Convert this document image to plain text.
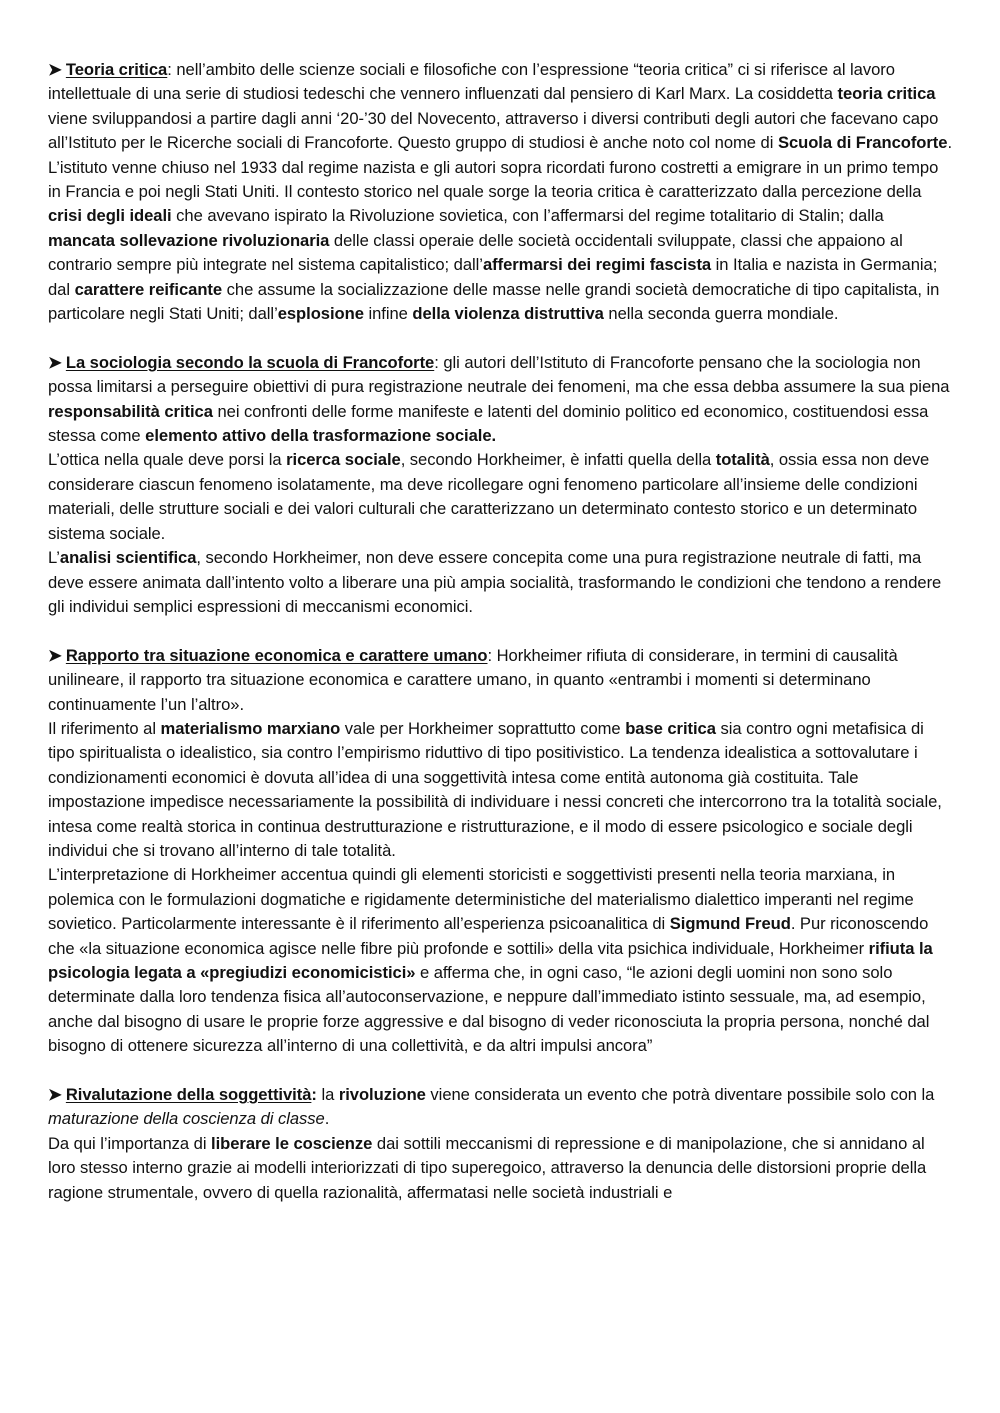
➤ Teoria critica: nell’ambito delle scienze sociali e filosofiche con l’espressione “teoria critica” ci si riferisce al lavoro intellettuale di una serie di studiosi tedeschi che vennero influenzati dal pensiero di Karl Marx. La cosiddetta teoria critica viene sviluppandosi a partire dagli anni ‘20-’30 del Novecento, attraverso i diversi contributi degli autori che facevano capo all’Istituto per le Ricerche sociali di Francoforte. Questo gruppo di studiosi è anche noto col nome di Scuola di Francoforte.

L’istituto venne chiuso nel 1933 dal regime nazista e gli autori sopra ricordati furono costretti a emigrare in un primo tempo in Francia e poi negli Stati Uniti. Il contesto storico nel quale sorge la teoria critica è caratterizzato dalla percezione della crisi degli ideali che avevano ispirato la Rivoluzione sovietica, con l’affermarsi del regime totalitario di Stalin; dalla mancata sollevazione rivoluzionaria delle classi operaie delle società occidentali sviluppate, classi che appaiono al contrario sempre più integrate nel sistema capitalistico; dall’affermarsi dei regimi fascista in Italia e nazista in Germania; dal carattere reificante che assume la socializzazione delle masse nelle grandi società democratiche di tipo capitalista, in particolare negli Stati Uniti; dall’esplosione infine della violenza distruttiva nella seconda guerra mondiale.

➤ La sociologia secondo la scuola di Francoforte: gli autori dell’Istituto di Francoforte pensano che la sociologia non possa limitarsi a perseguire obiettivi di pura registrazione neutrale dei fenomeni, ma che essa debba assumere la sua piena responsabilità critica nei confronti delle forme manifeste e latenti del dominio politico ed economico, costituendosi essa stessa come elemento attivo della trasformazione sociale.

L’ottica nella quale deve porsi la ricerca sociale, secondo Horkheimer, è infatti quella della totalità, ossia essa non deve considerare ciascun fenomeno isolatamente, ma deve ricollegare ogni fenomeno particolare all’insieme delle condizioni materiali, delle strutture sociali e dei valori culturali che caratterizzano un determinato contesto storico e un determinato sistema sociale.

L’analisi scientifica, secondo Horkheimer, non deve essere concepita come una pura registrazione neutrale di fatti, ma deve essere animata dall’intento volto a liberare una più ampia socialità, trasformando le condizioni che tendono a rendere gli individui semplici espressioni di meccanismi economici.

➤ Rapporto tra situazione economica e carattere umano: Horkheimer rifiuta di considerare, in termini di causalità unilineare, il rapporto tra situazione economica e carattere umano, in quanto «entrambi i momenti si determinano continuamente l’un l’altro».

Il riferimento al materialismo marxiano vale per Horkheimer soprattutto come base critica sia contro ogni metafisica di tipo spiritualista o idealistico, sia contro l’empirismo riduttivo di tipo positivistico. La tendenza idealistica a sottovalutare i condizionamenti economici è dovuta all’idea di una soggettività intesa come entità autonoma già costituita. Tale impostazione impedisce necessariamente la possibilità di individuare i nessi concreti che intercorrono tra la totalità sociale, intesa come realtà storica in continua destrutturazione e ristrutturazione, e il modo di essere psicologico e sociale degli individui che si trovano all’interno di tale totalità.

L’interpretazione di Horkheimer accentua quindi gli elementi storicisti e soggettivisti presenti nella teoria marxiana, in polemica con le formulazioni dogmatiche e rigidamente deterministiche del materialismo dialettico imperanti nel regime sovietico. Particolarmente interessante è il riferimento all’esperienza psicoanalitica di Sigmund Freud. Pur riconoscendo che «la situazione economica agisce nelle fibre più profonde e sottili» della vita psichica individuale, Horkheimer rifiuta la psicologia legata a «pregiudizi economicistici» e afferma che, in ogni caso, “le azioni degli uomini non sono solo determinate dalla loro tendenza fisica all’autoconservazione, e neppure dall’immediato istinto sessuale, ma, ad esempio, anche dal bisogno di usare le proprie forze aggressive e dal bisogno di veder riconosciuta la propria persona, nonché dal bisogno di ottenere sicurezza all’interno di una collettività, e da altri impulsi ancora”

➤ Rivalutazione della soggettività: la rivoluzione viene considerata un evento che potrà diventare possibile solo con la maturazione della coscienza di classe.

Da qui l’importanza di liberare le coscienze dai sottili meccanismi di repressione e di manipolazione, che si annidano al loro stesso interno grazie ai modelli interiorizzati di tipo superegoico, attraverso la denuncia delle distorsioni proprie della ragione strumentale, ovvero di quella razionalità, affermatasi nelle società industriali e
